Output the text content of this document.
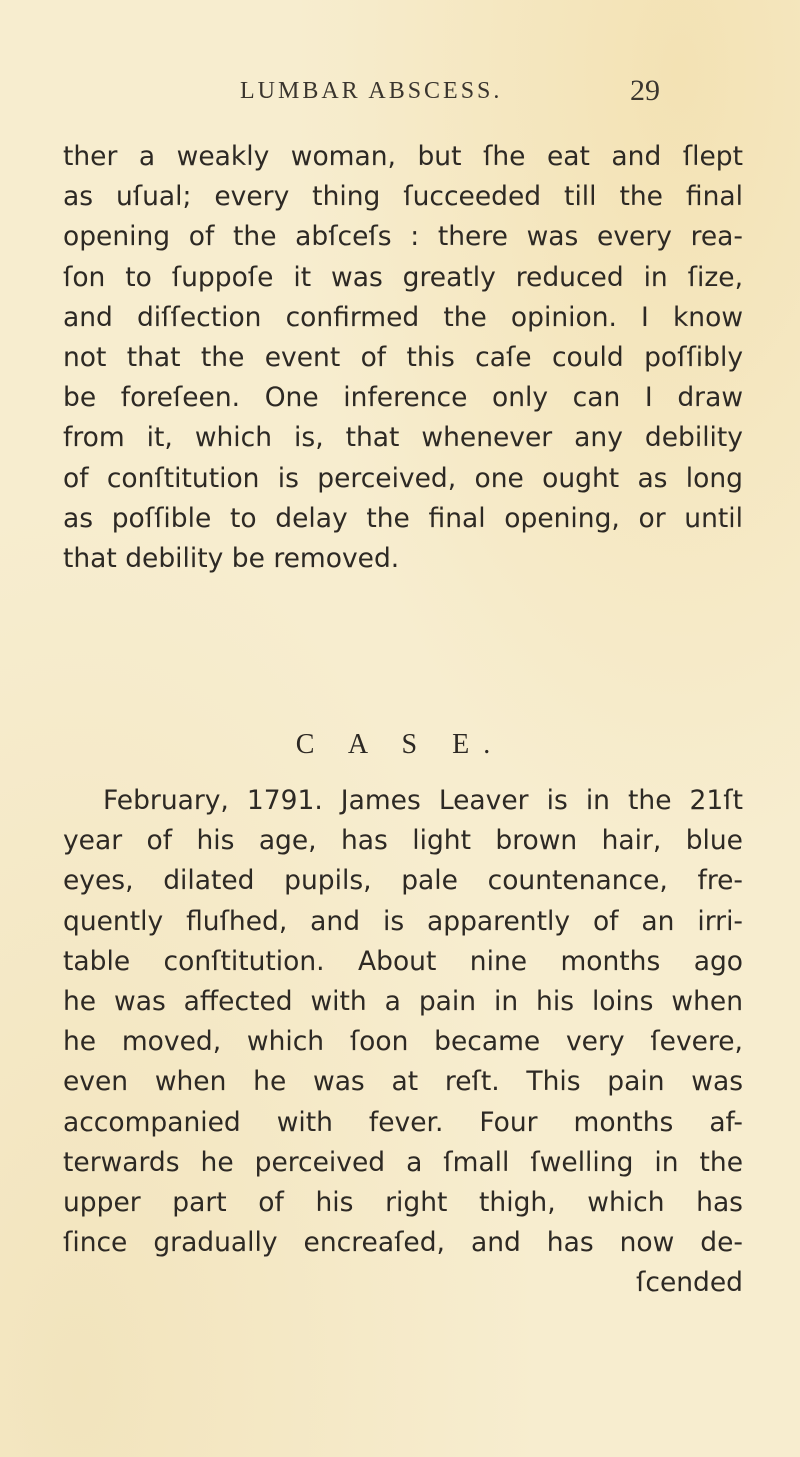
LUMBAR ABSCESS.	29
ther a weakly woman, but ſhe eat and ſlept
as uſual; every thing ſucceeded till the final
opening of the abſceſs : there was every rea-
ſon to ſuppoſe it was greatly reduced in ſize,
and diſſection confirmed the opinion. I know
not that the event of this caſe could poſſibly
be foreſeen. One inference only can I draw
from it, which is, that whenever any debility
of conſtitution is perceived, one ought as long
as poſſible to delay the final opening, or until
that debility be removed.
C A S E.
February, 1791. James Leaver is in the 21ſt
year of his age, has light brown hair, blue
eyes, dilated pupils, pale countenance, fre-
quently fluſhed, and is apparently of an irri-
table conſtitution. About nine months ago
he was affected with a pain in his loins when
he moved, which ſoon became very ſevere,
even when he was at reſt. This pain was
accompanied with fever. Four months af-
terwards he perceived a ſmall ſwelling in the
upper part of his right thigh, which has
ſince gradually encreaſed, and has now de-
ſcended
